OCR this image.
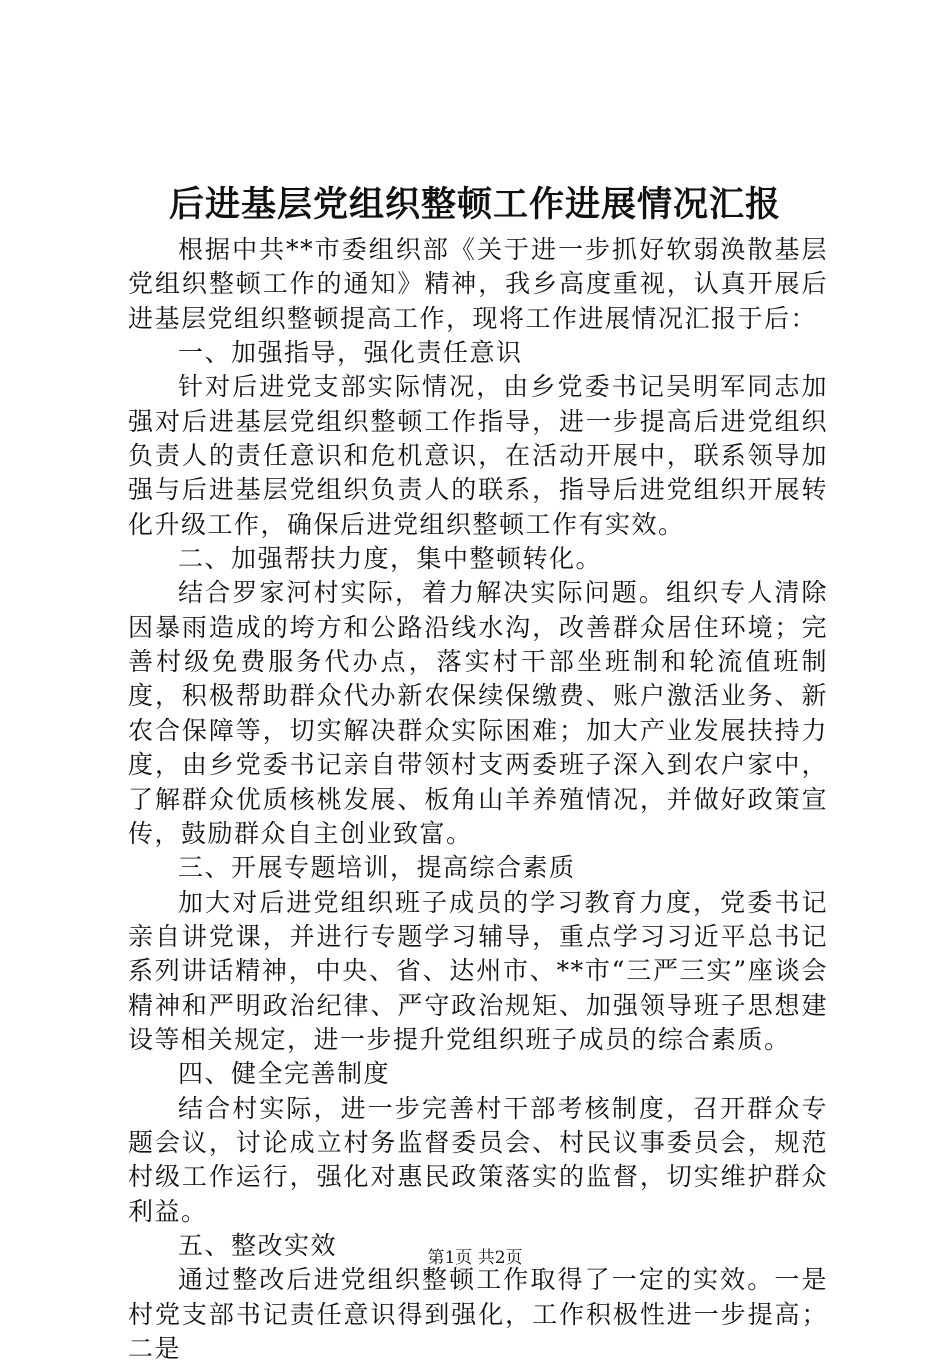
后进基层党组织整顿工作进展情况汇报

根据中共**市委组织部《关于进一步抓好软弱涣散基层党组织整顿工作的通知》精神，我乡高度重视，认真开展后进基层党组织整顿提高工作，现将工作进展情况汇报于后：

一、加强指导，强化责任意识

针对后进党支部实际情况，由乡党委书记吴明军同志加强对后进基层党组织整顿工作指导，进一步提高后进党组织负责人的责任意识和危机意识，在活动开展中，联系领导加强与后进基层党组织负责人的联系，指导后进党组织开展转化升级工作，确保后进党组织整顿工作有实效。

二、加强帮扶力度，集中整顿转化。

结合罗家河村实际，着力解决实际问题。组织专人清除因暴雨造成的垮方和公路沿线水沟，改善群众居住环境；完善村级免费服务代办点，落实村干部坐班制和轮流值班制度，积极帮助群众代办新农保续保缴费、账户激活业务、新农合保障等，切实解决群众实际困难；加大产业发展扶持力度，由乡党委书记亲自带领村支两委班子深入到农户家中，了解群众优质核桃发展、板角山羊养殖情况，并做好政策宣传，鼓励群众自主创业致富。

三、开展专题培训，提高综合素质

加大对后进党组织班子成员的学习教育力度，党委书记亲自讲党课，并进行专题学习辅导，重点学习习近平总书记系列讲话精神，中央、省、达州市、**市“三严三实”座谈会精神和严明政治纪律、严守政治规矩、加强领导班子思想建设等相关规定，进一步提升党组织班子成员的综合素质。

四、健全完善制度

结合村实际，进一步完善村干部考核制度，召开群众专题会议，讨论成立村务监督委员会、村民议事委员会，规范村级工作运行，强化对惠民政策落实的监督，切实维护群众利益。

五、整改实效

通过整改后进党组织整顿工作取得了一定的实效。一是村党支部书记责任意识得到强化，工作积极性进一步提高；二是

第1页 共2页
